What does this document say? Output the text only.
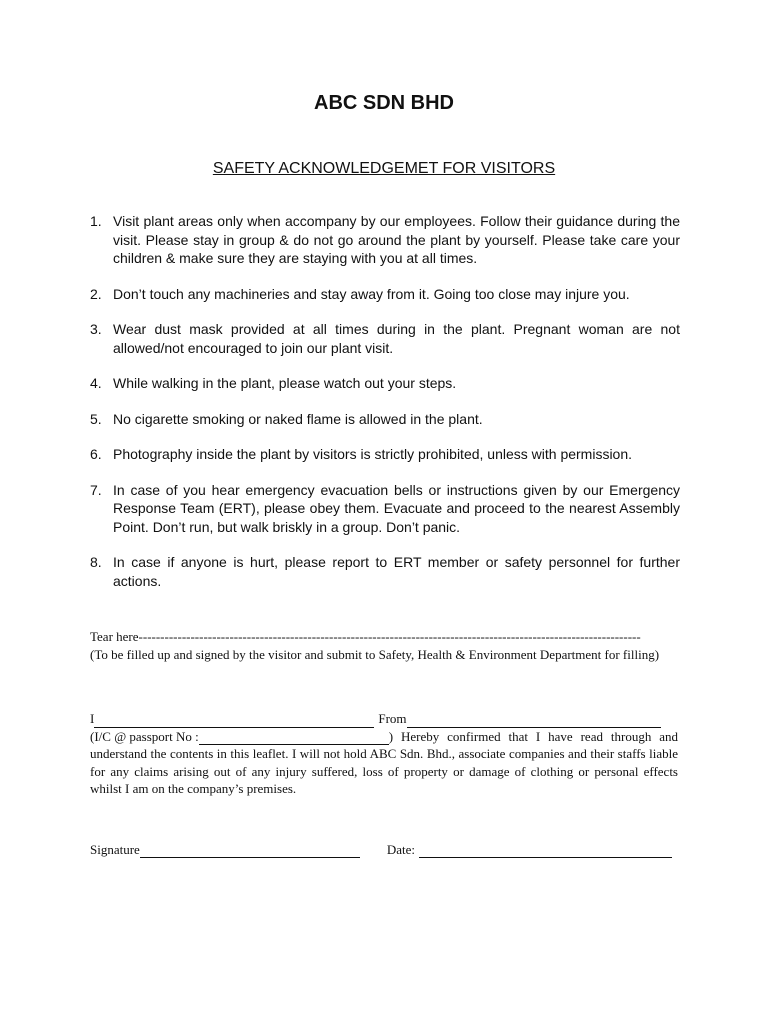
ABC SDN BHD
SAFETY ACKNOWLEDGEMET FOR VISITORS
1. Visit plant areas only when accompany by our employees. Follow their guidance during the visit. Please stay in group & do not go around the plant by yourself. Please take care your children & make sure they are staying with you at all times.
2. Don’t touch any machineries and stay away from it. Going too close may injure you.
3. Wear dust mask provided at all times during in the plant. Pregnant woman are not allowed/not encouraged to join our plant visit.
4. While walking in the plant, please watch out your steps.
5. No cigarette smoking or naked flame is allowed in the plant.
6. Photography inside the plant by visitors is strictly prohibited, unless with permission.
7. In case of you hear emergency evacuation bells or instructions given by our Emergency Response Team (ERT), please obey them. Evacuate and proceed to the nearest Assembly Point. Don’t run, but walk briskly in a group. Don’t panic.
8. In case if anyone is hurt, please report to ERT member or safety personnel for further actions.
Tear here--------------------------------------------------------------------------------------------------------------------
(To be filled up and signed by the visitor and submit to Safety, Health & Environment Department for filling)
I	From
(I/C @ passport No :	) Hereby confirmed that I have read through and
understand the contents in this leaflet. I will not hold ABC Sdn. Bhd., associate companies and their staffs liable for any claims arising out of any injury suffered, loss of property or damage of clothing or personal effects whilst I am on the company’s premises.
Signature	Date:
